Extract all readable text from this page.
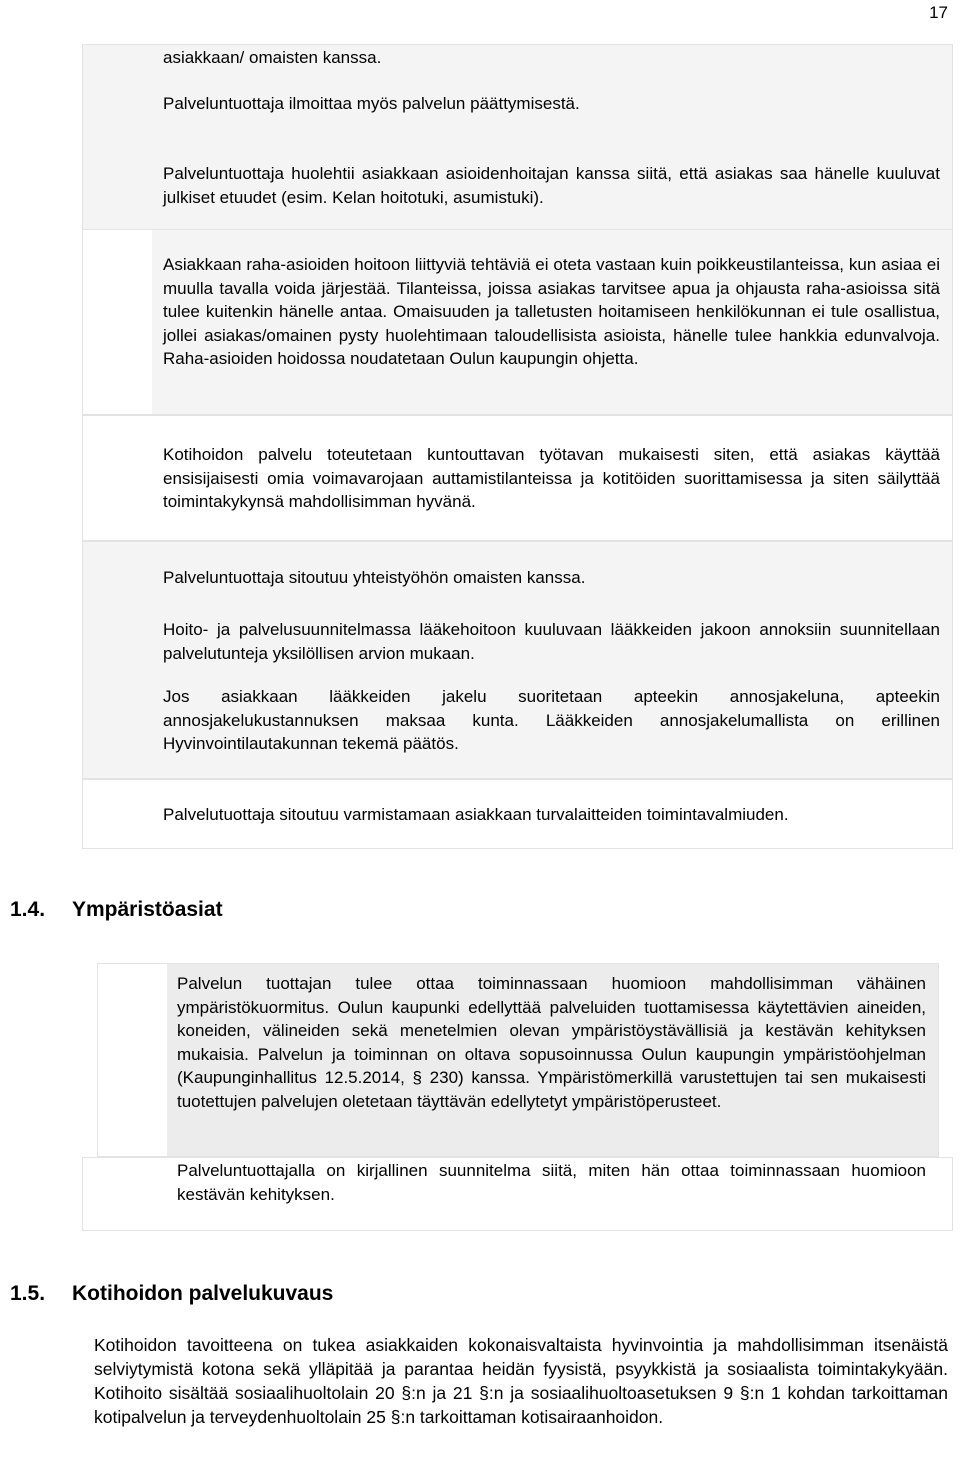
17

asiakkaan/ omaisten kanssa.

Palveluntuottaja ilmoittaa myös palvelun päättymisestä.

Palveluntuottaja huolehtii asiakkaan asioidenhoitajan kanssa siitä, että asiakas saa hänelle kuuluvat julkiset etuudet (esim. Kelan hoitotuki, asumistuki).

Asiakkaan raha-asioiden hoitoon liittyviä tehtäviä ei oteta vastaan kuin poikkeustilanteissa, kun asiaa ei muulla tavalla voida järjestää. Tilanteissa, joissa asiakas tarvitsee apua ja ohjausta raha-asioissa sitä tulee kuitenkin hänelle antaa. Omaisuuden ja talletusten hoitamiseen henkilökunnan ei tule osallistua, jollei asiakas/omainen pysty huolehtimaan taloudellisista asioista, hänelle tulee hankkia edunvalvoja. Raha-asioiden hoidossa noudatetaan Oulun kaupungin ohjetta.

Kotihoidon palvelu toteutetaan kuntouttavan työtavan mukaisesti siten, että asiakas käyttää ensisijaisesti omia voimavarojaan auttamistilanteissa ja kotitöiden suorittamisessa ja siten säilyttää toimintakykynsä mahdollisimman hyvänä.

Palveluntuottaja sitoutuu yhteistyöhön omaisten kanssa.

Hoito- ja palvelusuunnitelmassa lääkehoitoon kuuluvaan lääkkeiden jakoon annoksiin suunnitellaan palvelutunteja yksilöllisen arvion mukaan.

Jos asiakkaan lääkkeiden jakelu suoritetaan apteekin annosjakeluna, apteekin annosjakelukustannuksen maksaa kunta. Lääkkeiden annosjakelumallista on erillinen Hyvinvointilautakunnan tekemä päätös.

Palvelutuottaja sitoutuu varmistamaan asiakkaan turvalaitteiden toimintavalmiuden.

1.4. Ympäristöasiat

Palvelun tuottajan tulee ottaa toiminnassaan huomioon mahdollisimman vähäinen ympäristökuormitus. Oulun kaupunki edellyttää palveluiden tuottamisessa käytettävien aineiden, koneiden, välineiden sekä menetelmien olevan ympäristöystävällisiä ja kestävän kehityksen mukaisia. Palvelun ja toiminnan on oltava sopusoinnussa Oulun kaupungin ympäristöohjelman (Kaupunginhallitus 12.5.2014, § 230) kanssa. Ympäristömerkillä varustettujen tai sen mukaisesti tuotettujen palvelujen oletetaan täyttävän edellytetyt ympäristöperusteet.

Palveluntuottajalla on kirjallinen suunnitelma siitä, miten hän ottaa toiminnassaan huomioon kestävän kehityksen.

1.5. Kotihoidon palvelukuvaus

Kotihoidon tavoitteena on tukea asiakkaiden kokonaisvaltaista hyvinvointia ja mahdollisimman itsenäistä selviytymistä kotona sekä ylläpitää ja parantaa heidän fyysistä, psyykkistä ja sosiaalista toimintakykyään. Kotihoito sisältää sosiaalihuoltolain 20 §:n ja 21 §:n ja sosiaalihuoltoasetuksen 9 §:n 1 kohdan tarkoittaman kotipalvelun ja terveydenhuoltolain 25 §:n tarkoittaman kotisairaanhoidon.
